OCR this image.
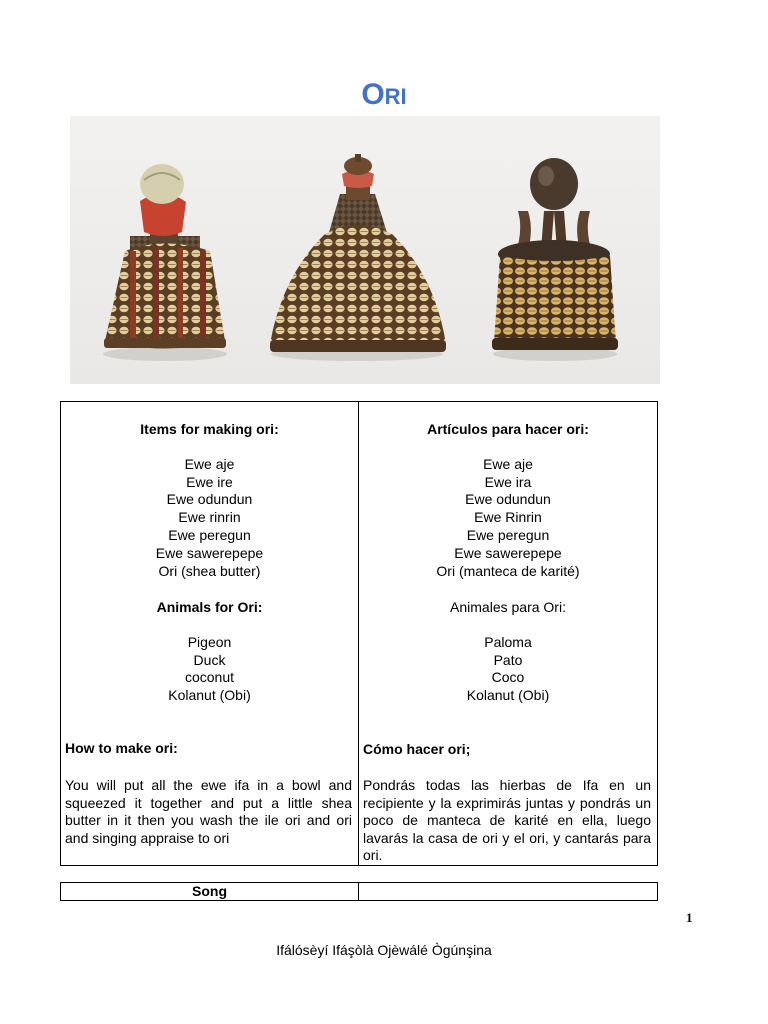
ORI
Items for making ori:
Ewe aje
Ewe ire
Ewe odundun
Ewe rinrin
Ewe peregun
Ewe sawerepepe
Ori (shea butter)
Animals for Ori:
Pigeon
Duck
coconut
Kolanut (Obi)
How to make ori:
You will put all the ewe ifa in a bowl and squeezed it together and put a little shea butter in it then you wash the ile ori and ori and singing appraise to ori
Artículos para hacer ori:
Ewe aje
Ewe ira
Ewe odundun
Ewe Rinrin
Ewe peregun
Ewe sawerepepe
Ori (manteca de karité)
Animales para Ori:
Paloma
Pato
Coco
Kolanut (Obi)
Cómo hacer ori;
Pondrás todas las hierbas de Ifa en un recipiente y la exprimirás juntas y pondrás un poco de manteca de karité en ella, luego lavarás la casa de ori y el ori, y cantarás para ori.
Song
1
Ifálósèyí Ifáşòlà Ojèwálé Ògúnşina
